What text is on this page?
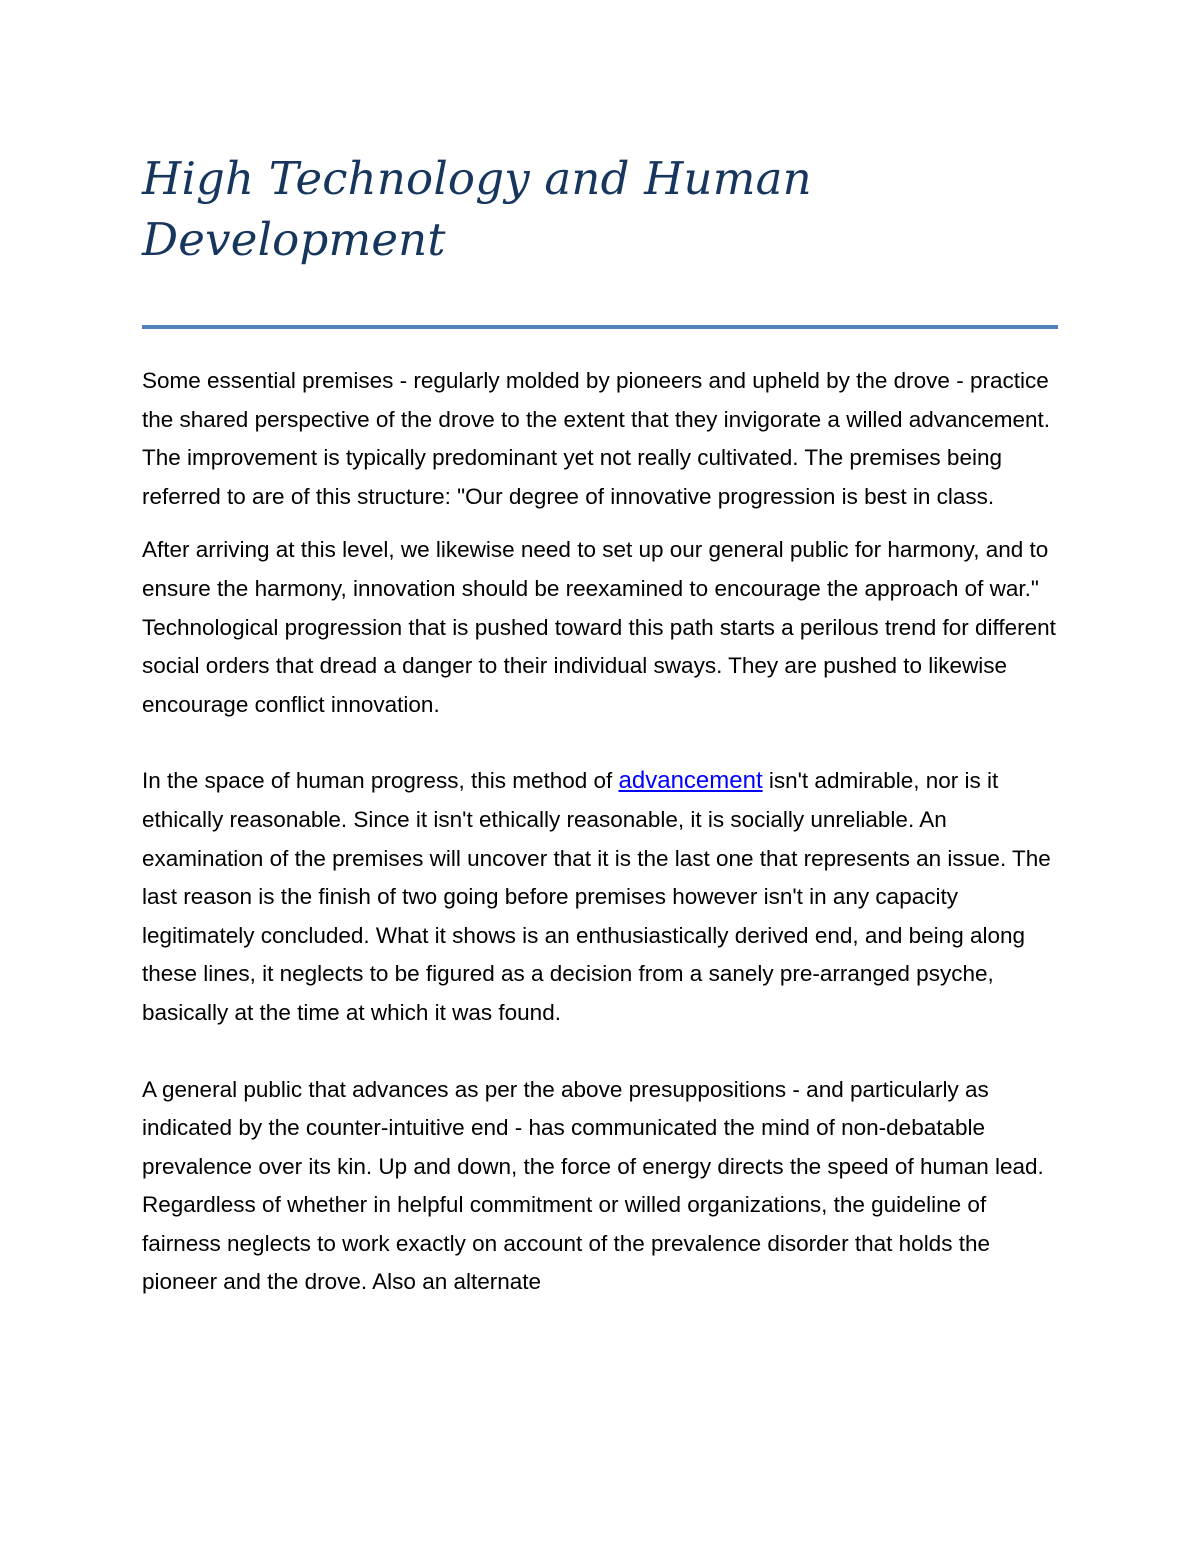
High Technology and Human Development

Some essential premises - regularly molded by pioneers and upheld by the drove - practice the shared perspective of the drove to the extent that they invigorate a willed advancement. The improvement is typically predominant yet not really cultivated. The premises being referred to are of this structure: "Our degree of innovative progression is best in class.

After arriving at this level, we likewise need to set up our general public for harmony, and to ensure the harmony, innovation should be reexamined to encourage the approach of war." Technological progression that is pushed toward this path starts a perilous trend for different social orders that dread a danger to their individual sways. They are pushed to likewise encourage conflict innovation.

In the space of human progress, this method of advancement isn't admirable, nor is it ethically reasonable. Since it isn't ethically reasonable, it is socially unreliable. An examination of the premises will uncover that it is the last one that represents an issue. The last reason is the finish of two going before premises however isn't in any capacity legitimately concluded. What it shows is an enthusiastically derived end, and being along these lines, it neglects to be figured as a decision from a sanely pre-arranged psyche, basically at the time at which it was found.

A general public that advances as per the above presuppositions - and particularly as indicated by the counter-intuitive end - has communicated the mind of non-debatable prevalence over its kin. Up and down, the force of energy directs the speed of human lead. Regardless of whether in helpful commitment or willed organizations, the guideline of fairness neglects to work exactly on account of the prevalence disorder that holds the pioneer and the drove. Also an alternate
